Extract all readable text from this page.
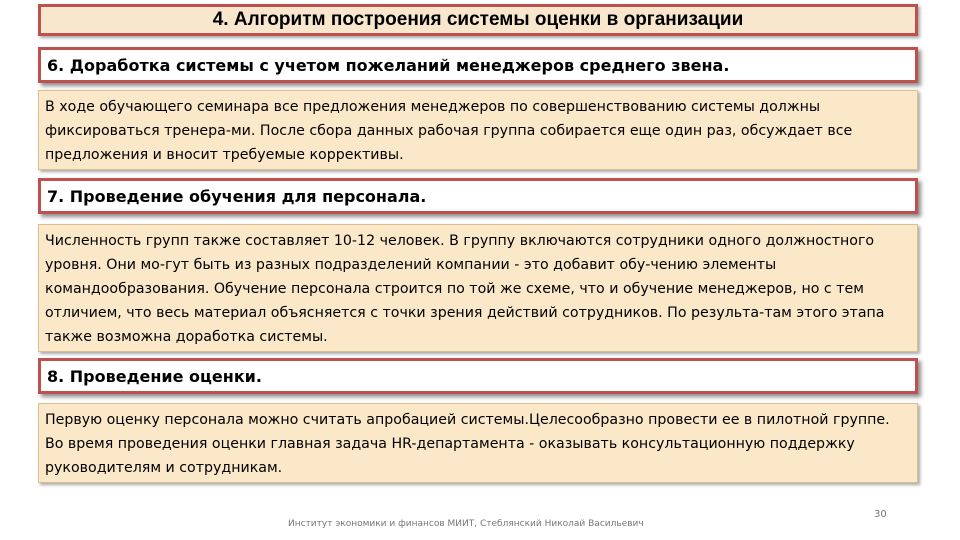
4. Алгоритм построения системы оценки в организации
6. Доработка системы с учетом пожеланий менеджеров среднего звена.
В ходе обучающего семинара все предложения менеджеров по совершенствованию системы должны фиксироваться тренера-ми. После сбора данных рабочая группа собирается еще один раз, обсуждает все предложения и вносит требуемые коррективы.
7. Проведение обучения для персонала.
Численность групп также составляет 10-12 человек. В группу включаются сотрудники одного должностного уровня. Они мо-гут быть из разных подразделений компании - это добавит обу-чению элементы командообразования. Обучение персонала строится по той же схеме, что и обучение менеджеров, но с тем отличием, что весь материал объясняется с точки зрения действий сотрудников. По результа-там этого этапа также возможна доработка системы.
8. Проведение оценки.
Первую оценку персонала можно считать апробацией системы.Целесообразно провести ее в пилотной группе. Во время проведения оценки главная задача HR-департамента - оказывать консультационную поддержку руководителям и сотрудникам.
Институт экономики и финансов МИИТ, Стеблянский Николай Васильевич
30
